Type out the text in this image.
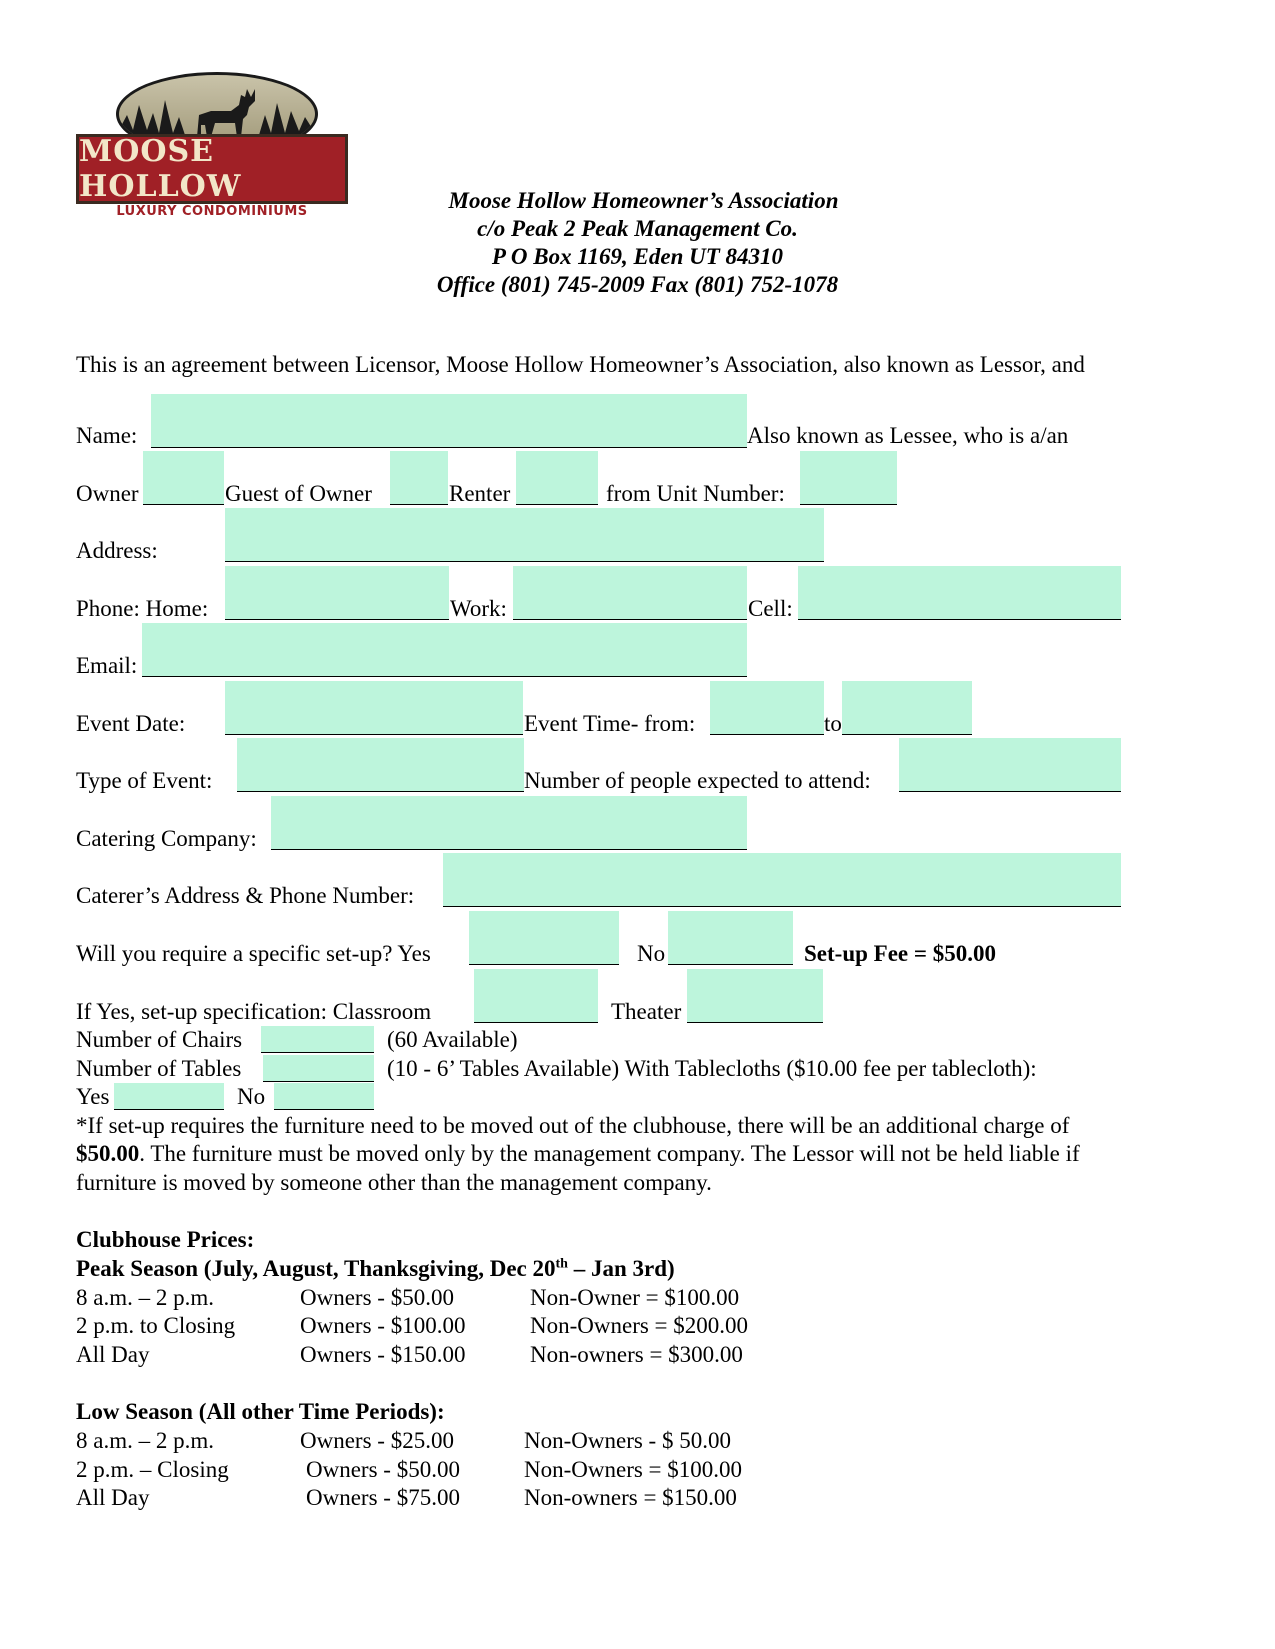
MOOSE HOLLOW
LUXURY CONDOMINIUMS	Moose Hollow Homeowner’s Association
c/o Peak 2 Peak Management Co.
P O Box 1169, Eden UT 84310
Office (801) 745-2009 Fax (801) 752-1078
This is an agreement between Licensor, Moose Hollow Homeowner’s Association, also known as Lessor, and
Name:	Also known as Lessee, who is a/an
Owner	Guest of Owner	Renter	from Unit Number:
Address:
Phone: Home:	Work:	Cell:
Email:
Event Date:	Event Time- from:	to
Type of Event:	Number of people expected to attend:
Catering Company:
Caterer’s Address & Phone Number:
Will you require a specific set-up? Yes	No	Set-up Fee = $50.00
If Yes, set-up specification: Classroom	Theater
Number of Chairs	(60 Available)
Number of Tables	(10 - 6’ Tables Available) With Tablecloths ($10.00 fee per tablecloth):
Yes	No
*If set-up requires the furniture need to be moved out of the clubhouse, there will be an additional charge of
$50.00. The furniture must be moved only by the management company. The Lessor will not be held liable if
furniture is moved by someone other than the management company.
Clubhouse Prices:
Peak Season (July, August, Thanksgiving, Dec 20th – Jan 3rd)
8 a.m. – 2 p.m.	Owners - $50.00	Non-Owner = $100.00
2 p.m. to Closing	Owners - $100.00	Non-Owners = $200.00
All Day	Owners - $150.00	Non-owners = $300.00
Low Season (All other Time Periods):
8 a.m. – 2 p.m.	Owners - $25.00	Non-Owners - $ 50.00
2 p.m. – Closing	Owners - $50.00	Non-Owners = $100.00
All Day	Owners - $75.00	Non-owners = $150.00
